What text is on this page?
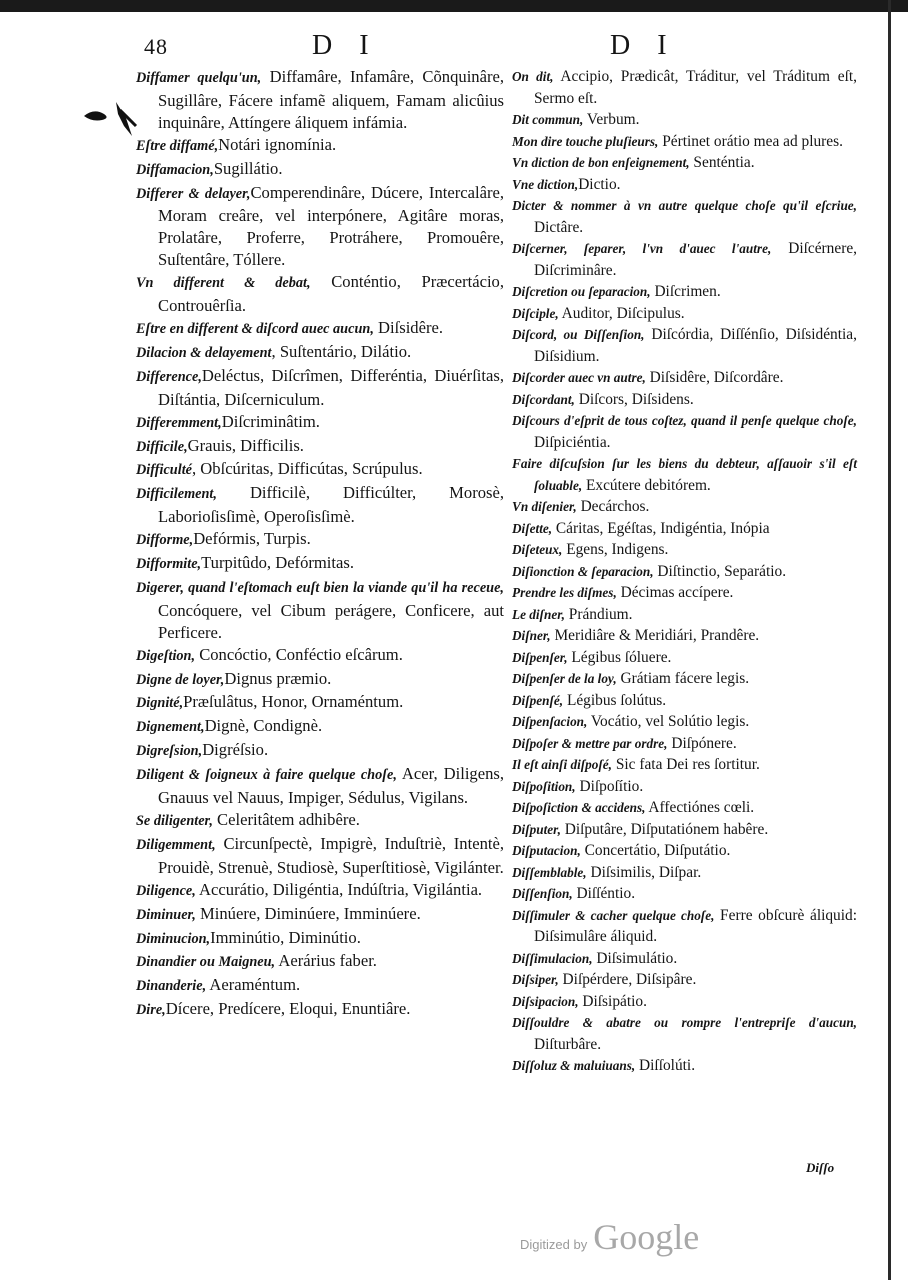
48	D I	D I

Diffamer quelqu'un, Diffamâre, Infamâre, Cõnquinâre, Sugillâre, Fácere infamẽ aliquem, Famam alicûius inquinâre, Attíngere áliquem infámia.

Eſtre diffamé,Notári ignomínia.

Diffamacion,Sugillátio.

Differer & delayer,Comperendinâre, Dúcere, Intercalâre, Moram creâre, vel interpónere, Agitâre moras, Prolatâre, Proferre, Protráhere, Promouêre, Suſtentâre, Tóllere.

Vn different & debat, Conténtio, Præcertácio, Controuêrſia.

Eſtre en different & diſcord auec aucun, Diſsidêre.

Dilacion & delayement, Suſtentário, Dilátio.

Difference,Deléctus, Diſcrîmen, Differéntia, Diuérſitas, Diſtántia, Diſcerniculum.

Differemment,Diſcriminâtim.

Difficile,Grauis, Difficilis.

Difficulté, Obſcúritas, Difficútas, Scrúpulus.

Difficilement, Difficilè, Difficúlter, Morosè, Laborioſisſimè, Operoſisſimè.

Difforme,Defórmis, Turpis.

Difformite,Turpitûdo, Defórmitas.

Digerer, quand l'eſtomach euſt bien la viande qu'il ha receue, Concóquere, vel Cibum perágere, Conficere, aut Perficere.

Digeſtion, Concóctio, Conféctio eſcârum.

Digne de loyer,Dignus præmio.

Dignité,Præſulâtus, Honor, Ornaméntum.

Dignement,Dignè, Condignè.

Digreſsion,Digréſsio.

Diligent & ſoigneux à faire quelque choſe, Acer, Diligens, Gnauus vel Nauus, Impiger, Sédulus, Vigilans.

Se diligenter, Celeritâtem adhibêre.

Diligemment, Circunſpectè, Impigrè, Induſtriè, Intentè, Prouidè, Strenuè, Studiosè, Superſtitiosè, Vigilánter.

Diligence, Accurátio, Diligéntia, Indúſtria, Vigilántia.

Diminuer, Minúere, Diminúere, Imminúere.

Diminucion,Imminútio, Diminútio.

Dinandier ou Maigneu, Aerárius faber.

Dinanderie, Aeraméntum.

Dire,Dícere, Predícere, Eloqui, Enuntiâre.

On dit, Accipio, Prædicât, Tráditur, vel Tráditum eſt, Sermo eſt.

Dit commun, Verbum.

Mon dire touche pluſieurs, Pértinet orátio mea ad plures.

Vn diction de bon enſeignement, Senténtia.

Vne diction,Dictio.

Dicter & nommer à vn autre quelque choſe qu'il eſcriue, Dictâre.

Diſcerner, ſeparer, l'vn d'auec l'autre, Diſcérnere, Diſcriminâre.

Diſcretion ou ſeparacion, Diſcrimen.

Diſciple, Auditor, Diſcipulus.

Diſcord, ou Diſſenſion, Diſcórdia, Diſſénſio, Diſsidéntia, Diſsidium.

Diſcorder auec vn autre, Diſsidêre, Diſcordâre.

Diſcordant, Diſcors, Diſsidens.

Diſcours d'eſprit de tous coſtez, quand il penſe quelque choſe, Diſpiciéntia.

Faire diſcuſsion ſur les biens du debteur, aſſauoir s'il eſt ſoluable, Excútere debitórem.

Vn diſenier, Decárchos.

Diſette, Cáritas, Egéſtas, Indigéntia, Inópia

Diſeteux, Egens, Indigens.

Diſionction & ſeparacion, Diſtinctio, Separátio.

Prendre les diſmes, Décimas accípere.

Le diſner, Prándium.

Diſner, Meridiâre & Meridiári, Prandêre.

Diſpenſer, Légibus ſóluere.

Diſpenſer de la loy, Grátiam fácere legis.

Diſpenſé, Légibus ſolútus.

Diſpenſacion, Vocátio, vel Solútio legis.

Diſpoſer & mettre par ordre, Diſpónere.

Il eſt ainſi diſpoſé, Sic fata Dei res ſortitur.

Diſpoſition, Diſpoſítio.

Diſpoſiction & accidens, Affectiónes cœli.

Diſputer, Diſputâre, Diſputatiónem habêre.

Diſputacion, Concertátio, Diſputátio.

Diſſemblable, Diſsimilis, Diſpar.

Diſſenſion, Diſſéntio.

Diſſimuler & cacher quelque choſe, Ferre obſcurè áliquid: Diſsimulâre áliquid.

Diſſimulacion, Diſsimulátio.

Diſsiper, Diſpérdere, Diſsipâre.

Diſsipacion, Diſsipátio.

Diſſouldre & abatre ou rompre l'entrepriſe d'aucun, Diſturbâre.

Diſſoluz & maluiuans, Diſſolúti.

Diſſo
Digitized by Google
